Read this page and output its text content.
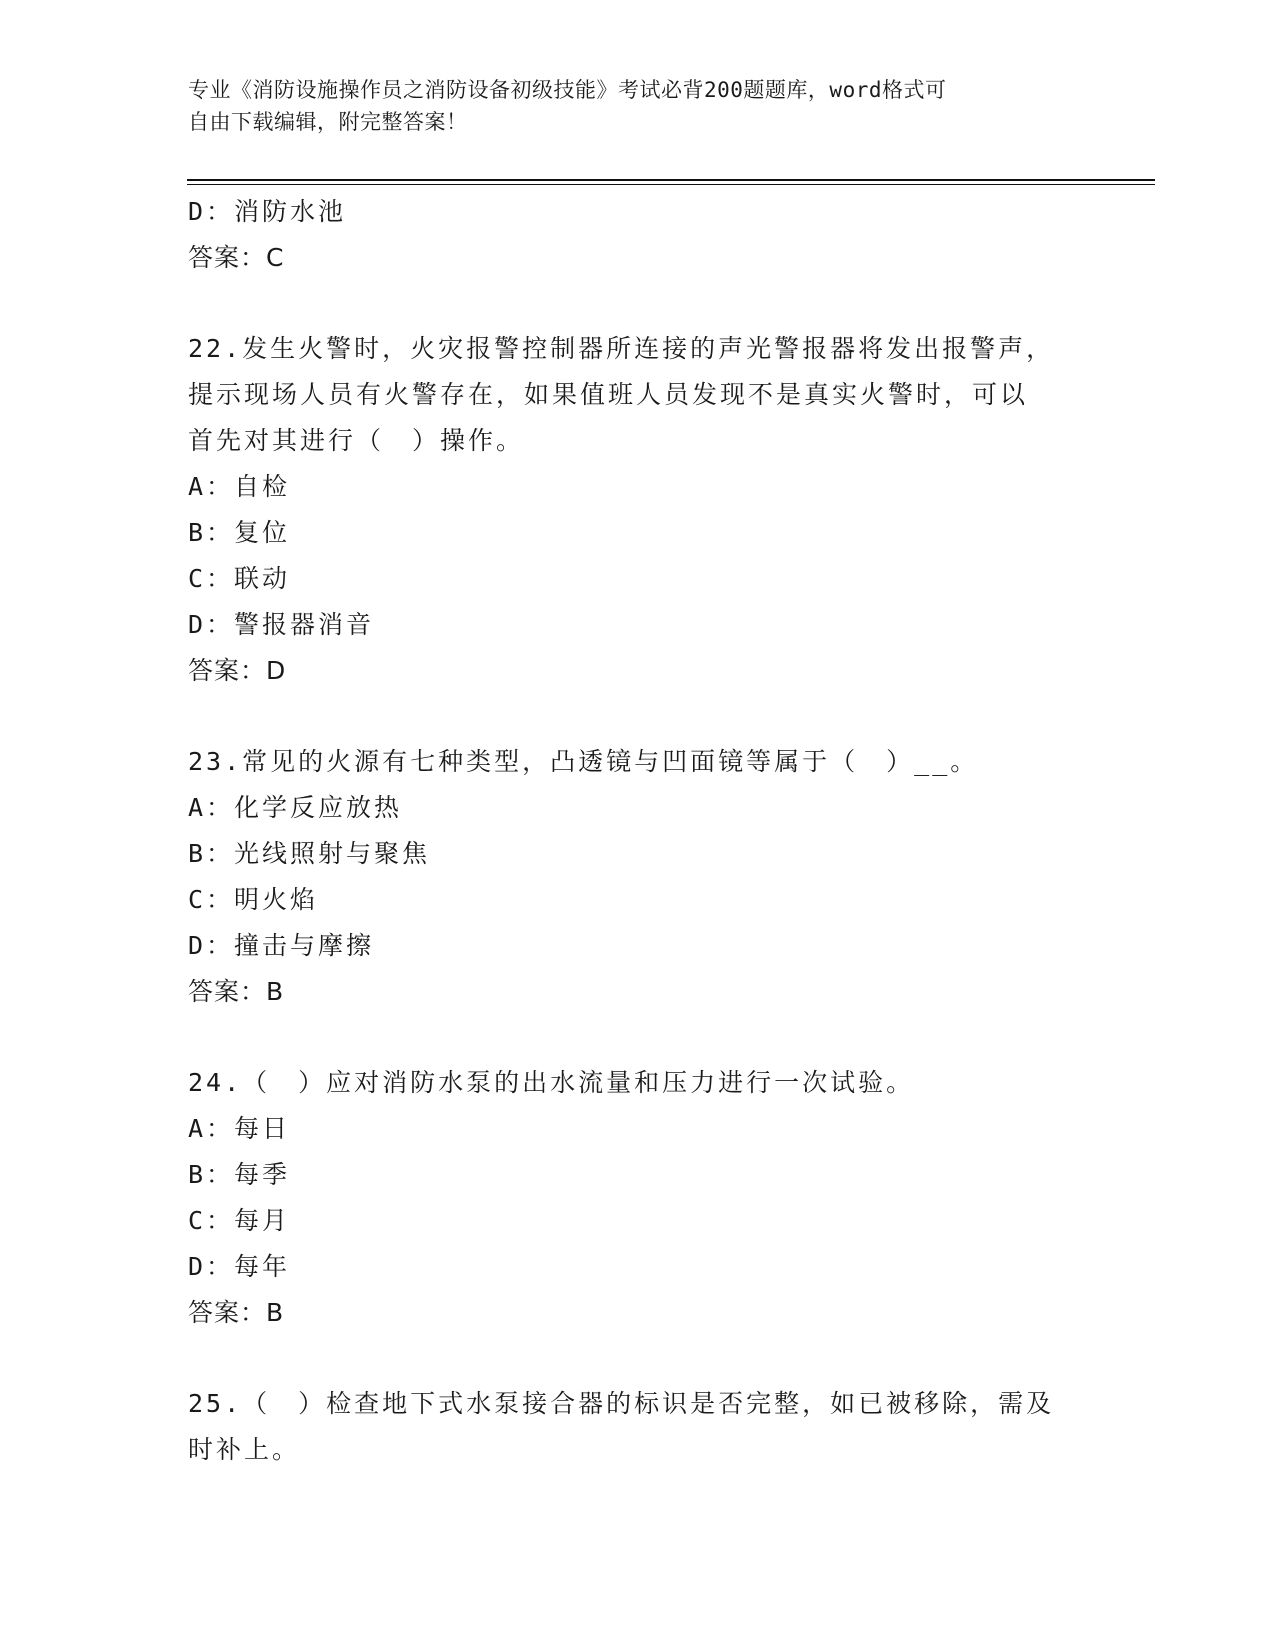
专业《消防设施操作员之消防设备初级技能》考试必背200题题库，word格式可
自由下载编辑，附完整答案！
D：消防水池
答案：C
22.发生火警时，火灾报警控制器所连接的声光警报器将发出报警声，
提示现场人员有火警存在，如果值班人员发现不是真实火警时，可以
首先对其进行（　）操作。
A：自检
B：复位
C：联动
D：警报器消音
答案：D
23.常见的火源有七种类型，凸透镜与凹面镜等属于（　）__。
A：化学反应放热
B：光线照射与聚焦
C：明火焰
D：撞击与摩擦
答案：B
24.（　）应对消防水泵的出水流量和压力进行一次试验。
A：每日
B：每季
C：每月
D：每年
答案：B
25.（　）检查地下式水泵接合器的标识是否完整，如已被移除，需及
时补上。
